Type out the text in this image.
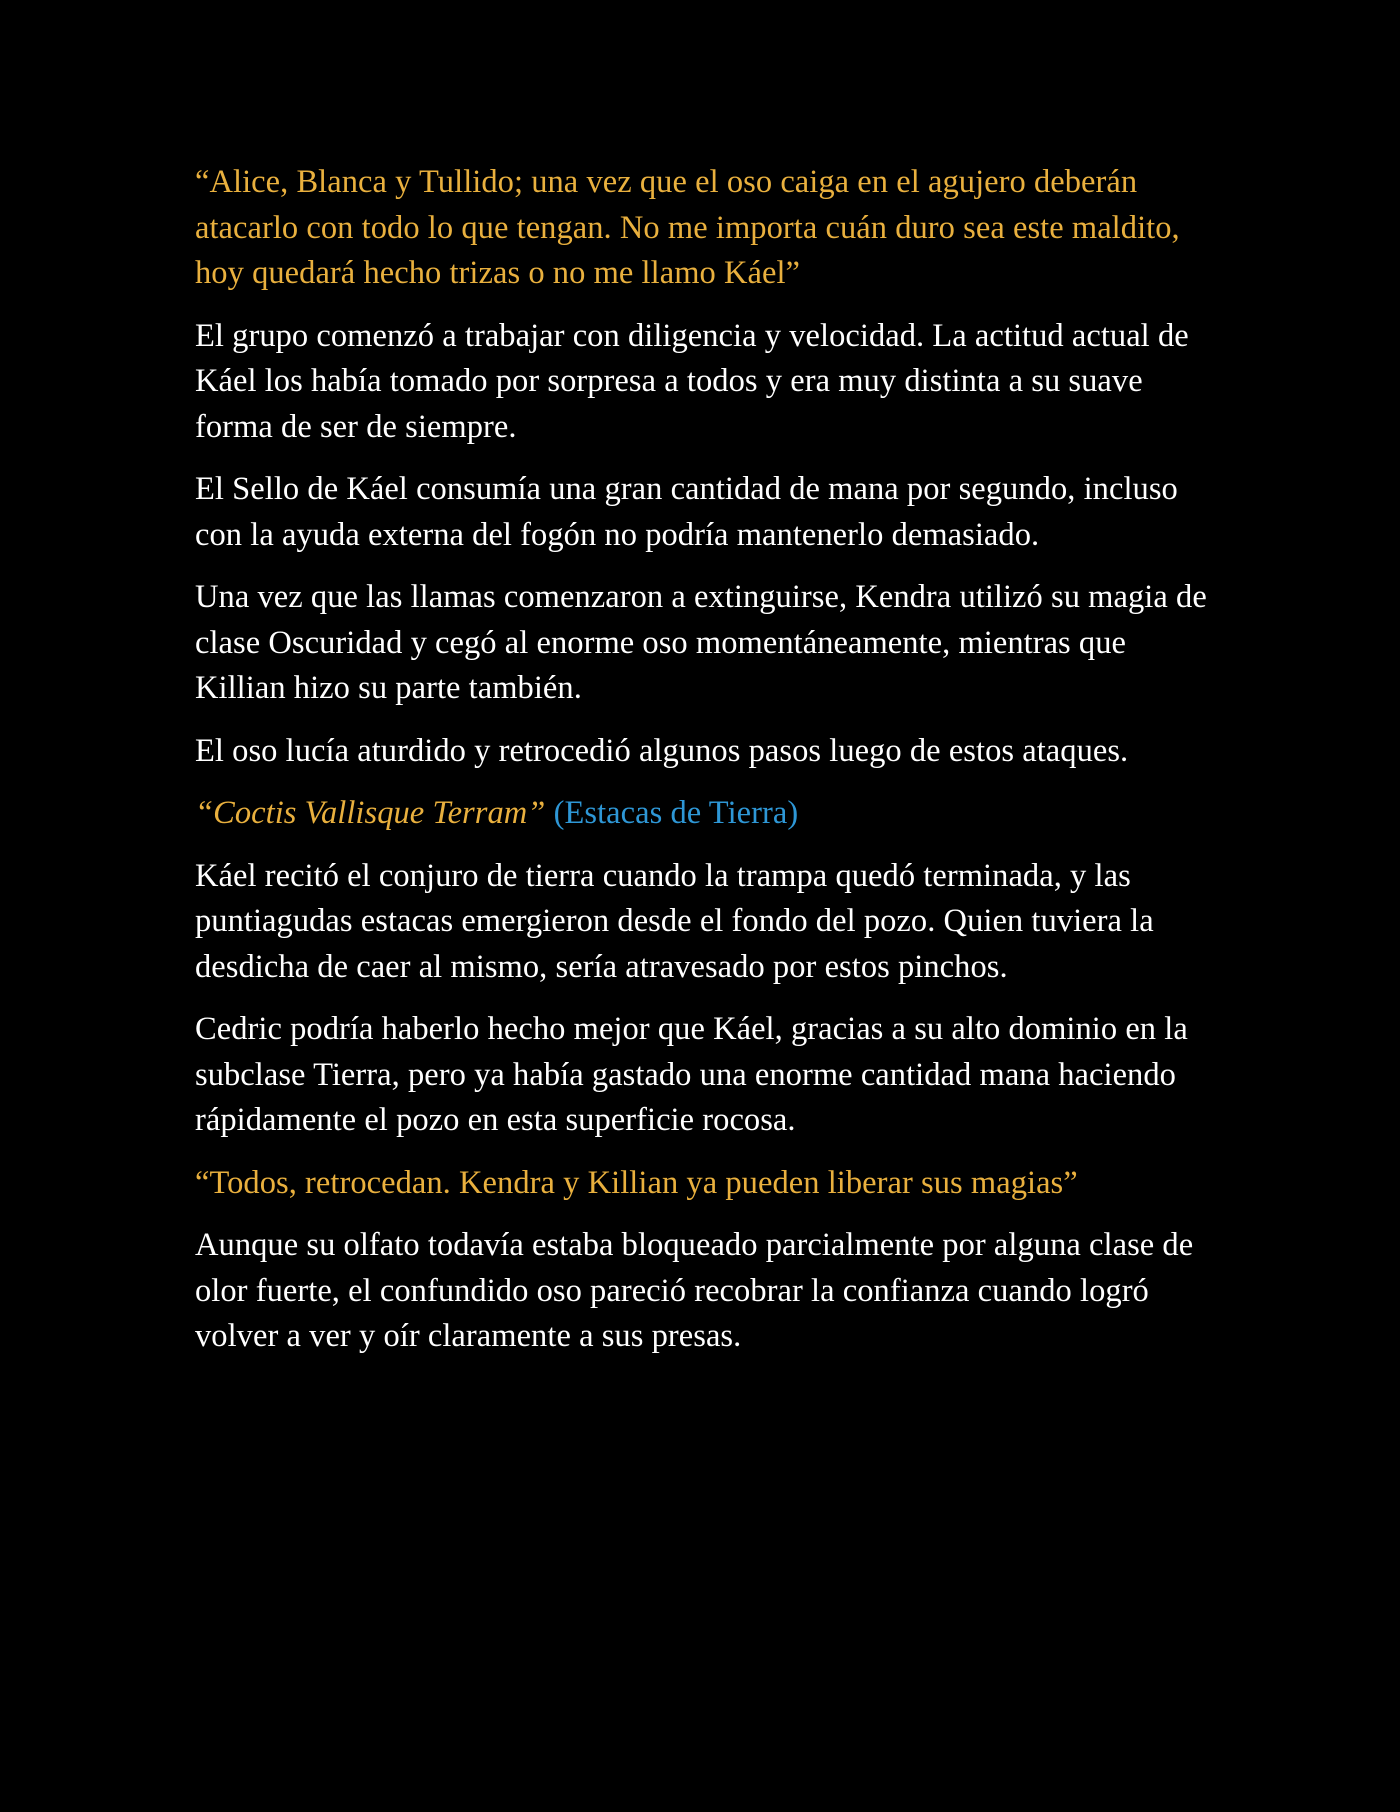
“Alice, Blanca y Tullido; una vez que el oso caiga en el agujero deberán atacarlo con todo lo que tengan. No me importa cuán duro sea este maldito, hoy quedará hecho trizas o no me llamo Káel”

El grupo comenzó a trabajar con diligencia y velocidad. La actitud actual de Káel los había tomado por sorpresa a todos y era muy distinta a su suave forma de ser de siempre.

El Sello de Káel consumía una gran cantidad de mana por segundo, incluso con la ayuda externa del fogón no podría mantenerlo demasiado.

Una vez que las llamas comenzaron a extinguirse, Kendra utilizó su magia de clase Oscuridad y cegó al enorme oso momentáneamente, mientras que Killian hizo su parte también.

El oso lucía aturdido y retrocedió algunos pasos luego de estos ataques.

“Coctis Vallisque Terram” (Estacas de Tierra)

Káel recitó el conjuro de tierra cuando la trampa quedó terminada, y las puntiagudas estacas emergieron desde el fondo del pozo. Quien tuviera la desdicha de caer al mismo, sería atravesado por estos pinchos.

Cedric podría haberlo hecho mejor que Káel, gracias a su alto dominio en la subclase Tierra, pero ya había gastado una enorme cantidad mana haciendo rápidamente el pozo en esta superficie rocosa.

“Todos, retrocedan. Kendra y Killian ya pueden liberar sus magias”

Aunque su olfato todavía estaba bloqueado parcialmente por alguna clase de olor fuerte, el confundido oso pareció recobrar la confianza cuando logró volver a ver y oír claramente a sus presas.
